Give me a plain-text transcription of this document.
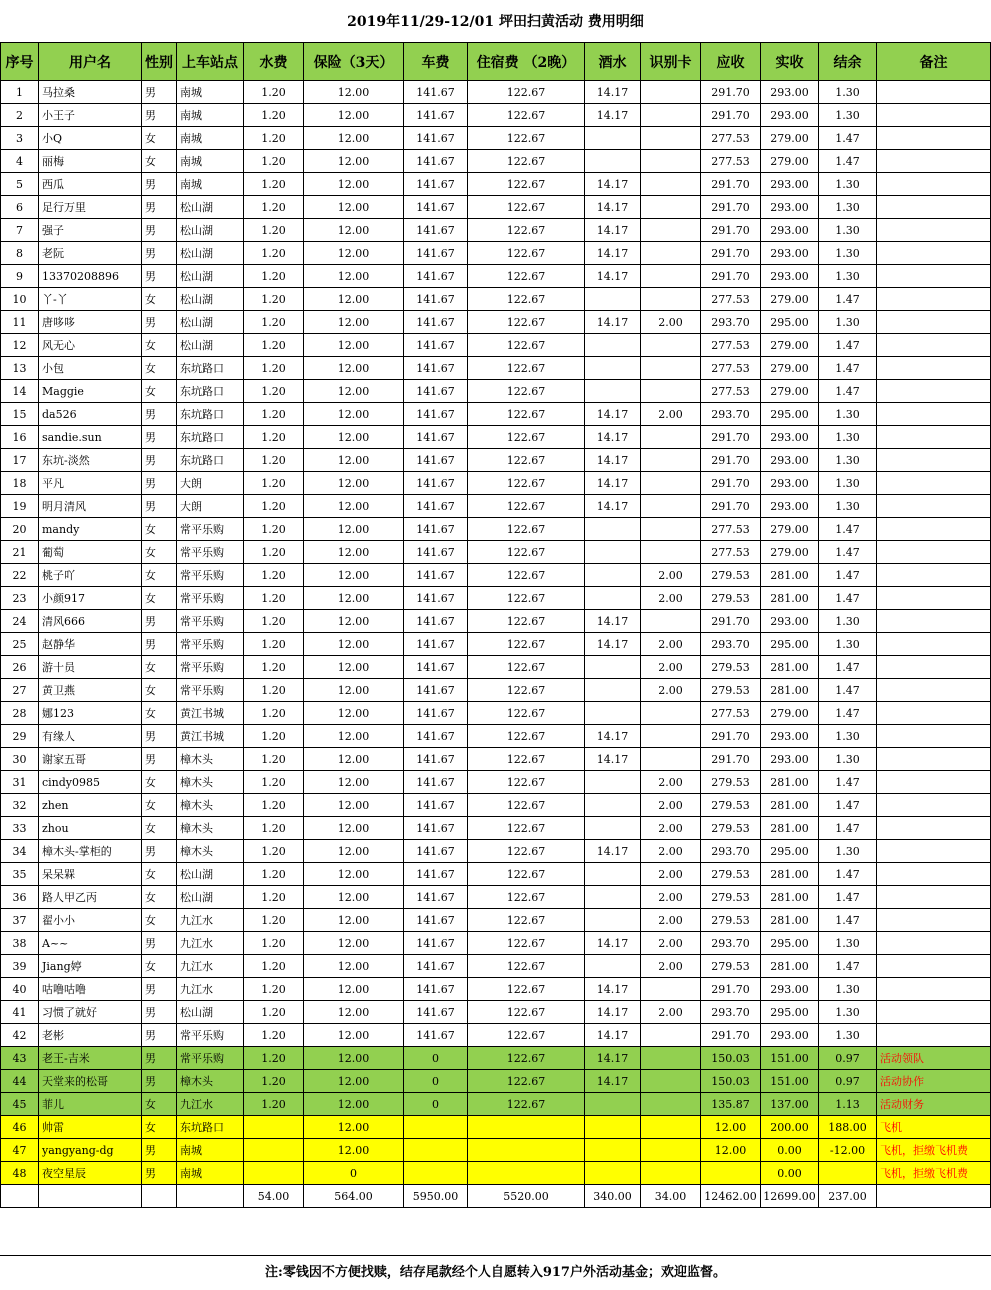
2019年11/29-12/01 坪田扫黄活动 费用明细
序号	用户名	性别	上车站点	水费	保险（3天）	车费	住宿费 （2晚）	酒水	识别卡	应收	实收	结余	备注
1	马拉桑	男	南城	1.20	12.00	141.67	122.67	14.17		291.70	293.00	1.30	
2	小王子	男	南城	1.20	12.00	141.67	122.67	14.17		291.70	293.00	1.30	
3	小Q	女	南城	1.20	12.00	141.67	122.67			277.53	279.00	1.47	
4	丽梅	女	南城	1.20	12.00	141.67	122.67			277.53	279.00	1.47	
5	西瓜	男	南城	1.20	12.00	141.67	122.67	14.17		291.70	293.00	1.30	
6	足行万里	男	松山湖	1.20	12.00	141.67	122.67	14.17		291.70	293.00	1.30	
7	强子	男	松山湖	1.20	12.00	141.67	122.67	14.17		291.70	293.00	1.30	
8	老阮	男	松山湖	1.20	12.00	141.67	122.67	14.17		291.70	293.00	1.30	
9	13370208896	男	松山湖	1.20	12.00	141.67	122.67	14.17		291.70	293.00	1.30	
10	丫-丫	女	松山湖	1.20	12.00	141.67	122.67			277.53	279.00	1.47	
11	唐哆哆	男	松山湖	1.20	12.00	141.67	122.67	14.17	2.00	293.70	295.00	1.30	
12	风无心	女	松山湖	1.20	12.00	141.67	122.67			277.53	279.00	1.47	
13	小包	女	东坑路口	1.20	12.00	141.67	122.67			277.53	279.00	1.47	
14	Maggie	女	东坑路口	1.20	12.00	141.67	122.67			277.53	279.00	1.47	
15	da526	男	东坑路口	1.20	12.00	141.67	122.67	14.17	2.00	293.70	295.00	1.30	
16	sandie.sun	男	东坑路口	1.20	12.00	141.67	122.67	14.17		291.70	293.00	1.30	
17	东坑-淡然	男	东坑路口	1.20	12.00	141.67	122.67	14.17		291.70	293.00	1.30	
18	平凡	男	大朗	1.20	12.00	141.67	122.67	14.17		291.70	293.00	1.30	
19	明月清风	男	大朗	1.20	12.00	141.67	122.67	14.17		291.70	293.00	1.30	
20	mandy	女	常平乐购	1.20	12.00	141.67	122.67			277.53	279.00	1.47	
21	葡萄	女	常平乐购	1.20	12.00	141.67	122.67			277.53	279.00	1.47	
22	桃子吖	女	常平乐购	1.20	12.00	141.67	122.67		2.00	279.53	281.00	1.47	
23	小颜917	女	常平乐购	1.20	12.00	141.67	122.67		2.00	279.53	281.00	1.47	
24	清风666	男	常平乐购	1.20	12.00	141.67	122.67	14.17		291.70	293.00	1.30	
25	赵静华	男	常平乐购	1.20	12.00	141.67	122.67	14.17	2.00	293.70	295.00	1.30	
26	游十员	女	常平乐购	1.20	12.00	141.67	122.67		2.00	279.53	281.00	1.47	
27	黄卫燕	女	常平乐购	1.20	12.00	141.67	122.67		2.00	279.53	281.00	1.47	
28	娜123	女	黄江书城	1.20	12.00	141.67	122.67			277.53	279.00	1.47	
29	有缘人	男	黄江书城	1.20	12.00	141.67	122.67	14.17		291.70	293.00	1.30	
30	谢家五哥	男	樟木头	1.20	12.00	141.67	122.67	14.17		291.70	293.00	1.30	
31	cindy0985	女	樟木头	1.20	12.00	141.67	122.67		2.00	279.53	281.00	1.47	
32	zhen	女	樟木头	1.20	12.00	141.67	122.67		2.00	279.53	281.00	1.47	
33	zhou	女	樟木头	1.20	12.00	141.67	122.67		2.00	279.53	281.00	1.47	
34	樟木头-掌柜的	男	樟木头	1.20	12.00	141.67	122.67	14.17	2.00	293.70	295.00	1.30	
35	呆呆槑	女	松山湖	1.20	12.00	141.67	122.67		2.00	279.53	281.00	1.47	
36	路人甲乙丙	女	松山湖	1.20	12.00	141.67	122.67		2.00	279.53	281.00	1.47	
37	翟小小	女	九江水	1.20	12.00	141.67	122.67		2.00	279.53	281.00	1.47	
38	A~~	男	九江水	1.20	12.00	141.67	122.67	14.17	2.00	293.70	295.00	1.30	
39	Jiang婷	女	九江水	1.20	12.00	141.67	122.67		2.00	279.53	281.00	1.47	
40	咕噜咕噜	男	九江水	1.20	12.00	141.67	122.67	14.17		291.70	293.00	1.30	
41	习惯了就好	男	松山湖	1.20	12.00	141.67	122.67	14.17	2.00	293.70	295.00	1.30	
42	老彬	男	常平乐购	1.20	12.00	141.67	122.67	14.17		291.70	293.00	1.30	
43	老王-吉米	男	常平乐购	1.20	12.00	0	122.67	14.17		150.03	151.00	0.97	活动领队
44	天堂来的松哥	男	樟木头	1.20	12.00	0	122.67	14.17		150.03	151.00	0.97	活动协作
45	菲儿	女	九江水	1.20	12.00	0	122.67			135.87	137.00	1.13	活动财务
46	帅雷	女	东坑路口		12.00					12.00	200.00	188.00	飞机
47	yangyang-dg	男	南城		12.00					12.00	0.00	-12.00	飞机，拒缴飞机费
48	夜空星辰	男	南城		0						0.00		飞机，拒缴飞机费
				54.00	564.00	5950.00	5520.00	340.00	34.00	12462.00	12699.00	237.00	
注:零钱因不方便找赎，结存尾款经个人自愿转入917户外活动基金；欢迎监督。
